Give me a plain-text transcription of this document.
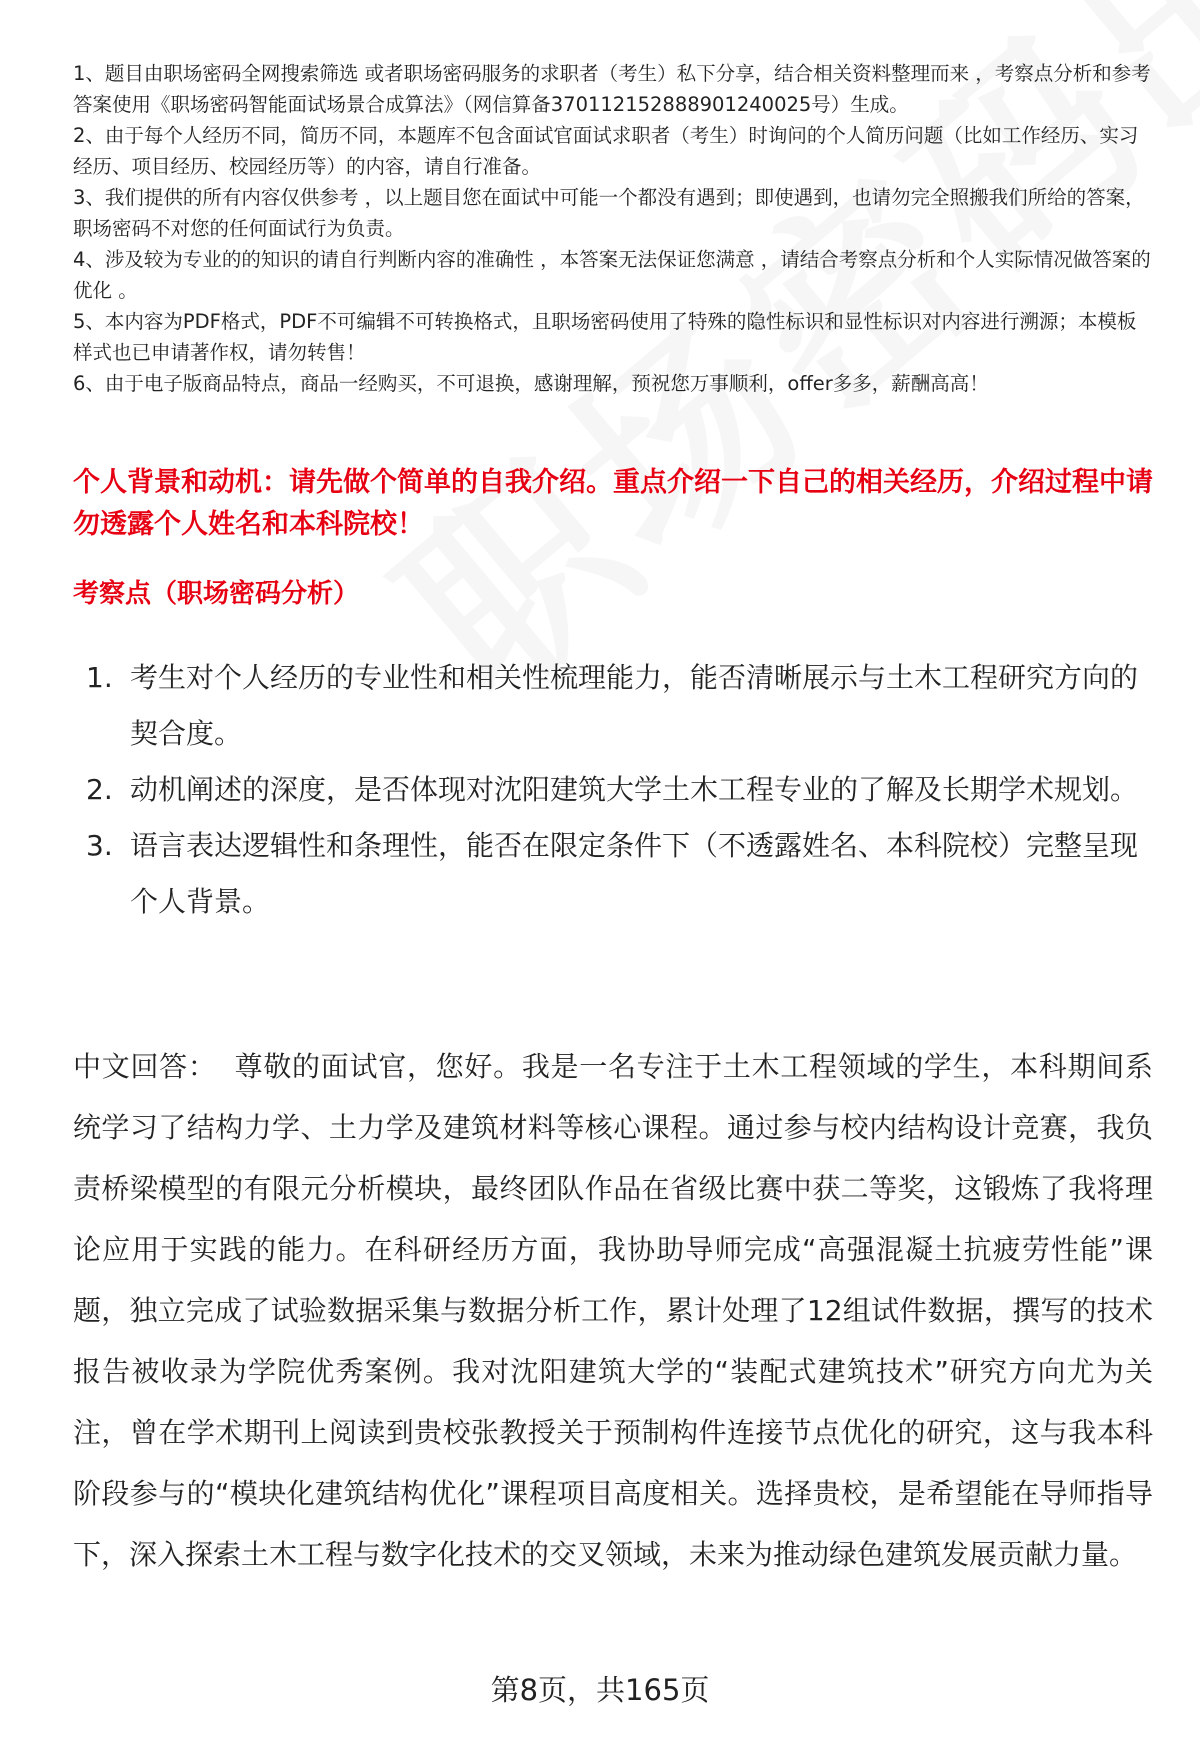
1、题目由职场密码全网搜索筛选 或者职场密码服务的求职者（考生）私下分享，结合相关资料整理而来 ，考察点分析和参考答案使用《职场密码智能面试场景合成算法》（网信算备370112152888901240025号）生成。

2、由于每个人经历不同，简历不同，本题库不包含面试官面试求职者（考生）时询问的个人简历问题（比如工作经历、实习经历、项目经历、校园经历等）的内容，请自行准备。

3、我们提供的所有内容仅供参考 ，以上题目您在面试中可能一个都没有遇到；即使遇到，也请勿完全照搬我们所给的答案，职场密码不对您的任何面试行为负责。

4、涉及较为专业的的知识的请自行判断内容的准确性 ，本答案无法保证您满意 ，请结合考察点分析和个人实际情况做答案的优化 。

5、本内容为PDF格式，PDF不可编辑不可转换格式，且职场密码使用了特殊的隐性标识和显性标识对内容进行溯源；本模板样式也已申请著作权，请勿转售！

6、由于电子版商品特点，商品一经购买，不可退换，感谢理解，预祝您万事顺利，offer多多，薪酬高高！

个人背景和动机：请先做个简单的自我介绍。重点介绍一下自己的相关经历，介绍过程中请勿透露个人姓名和本科院校！
考察点（职场密码分析）
1. 考生对个人经历的专业性和相关性梳理能力，能否清晰展示与土木工程研究方向的契合度。
2. 动机阐述的深度，是否体现对沈阳建筑大学土木工程专业的了解及长期学术规划。
3. 语言表达逻辑性和条理性，能否在限定条件下（不透露姓名、本科院校）完整呈现个人背景。
中文回答： 尊敬的面试官，您好。我是一名专注于土木工程领域的学生，本科期间系统学习了结构力学、土力学及建筑材料等核心课程。通过参与校内结构设计竞赛，我负责桥梁模型的有限元分析模块，最终团队作品在省级比赛中获二等奖，这锻炼了我将理论应用于实践的能力。在科研经历方面，我协助导师完成“高强混凝土抗疲劳性能”课题，独立完成了试验数据采集与数据分析工作，累计处理了12组试件数据，撰写的技术报告被收录为学院优秀案例。我对沈阳建筑大学的“装配式建筑技术”研究方向尤为关注，曾在学术期刊上阅读到贵校张教授关于预制构件连接节点优化的研究，这与我本科阶段参与的“模块化建筑结构优化”课程项目高度相关。选择贵校，是希望能在导师指导下，深入探索土木工程与数字化技术的交叉领域，未来为推动绿色建筑发展贡献力量。
第8页，共165页
